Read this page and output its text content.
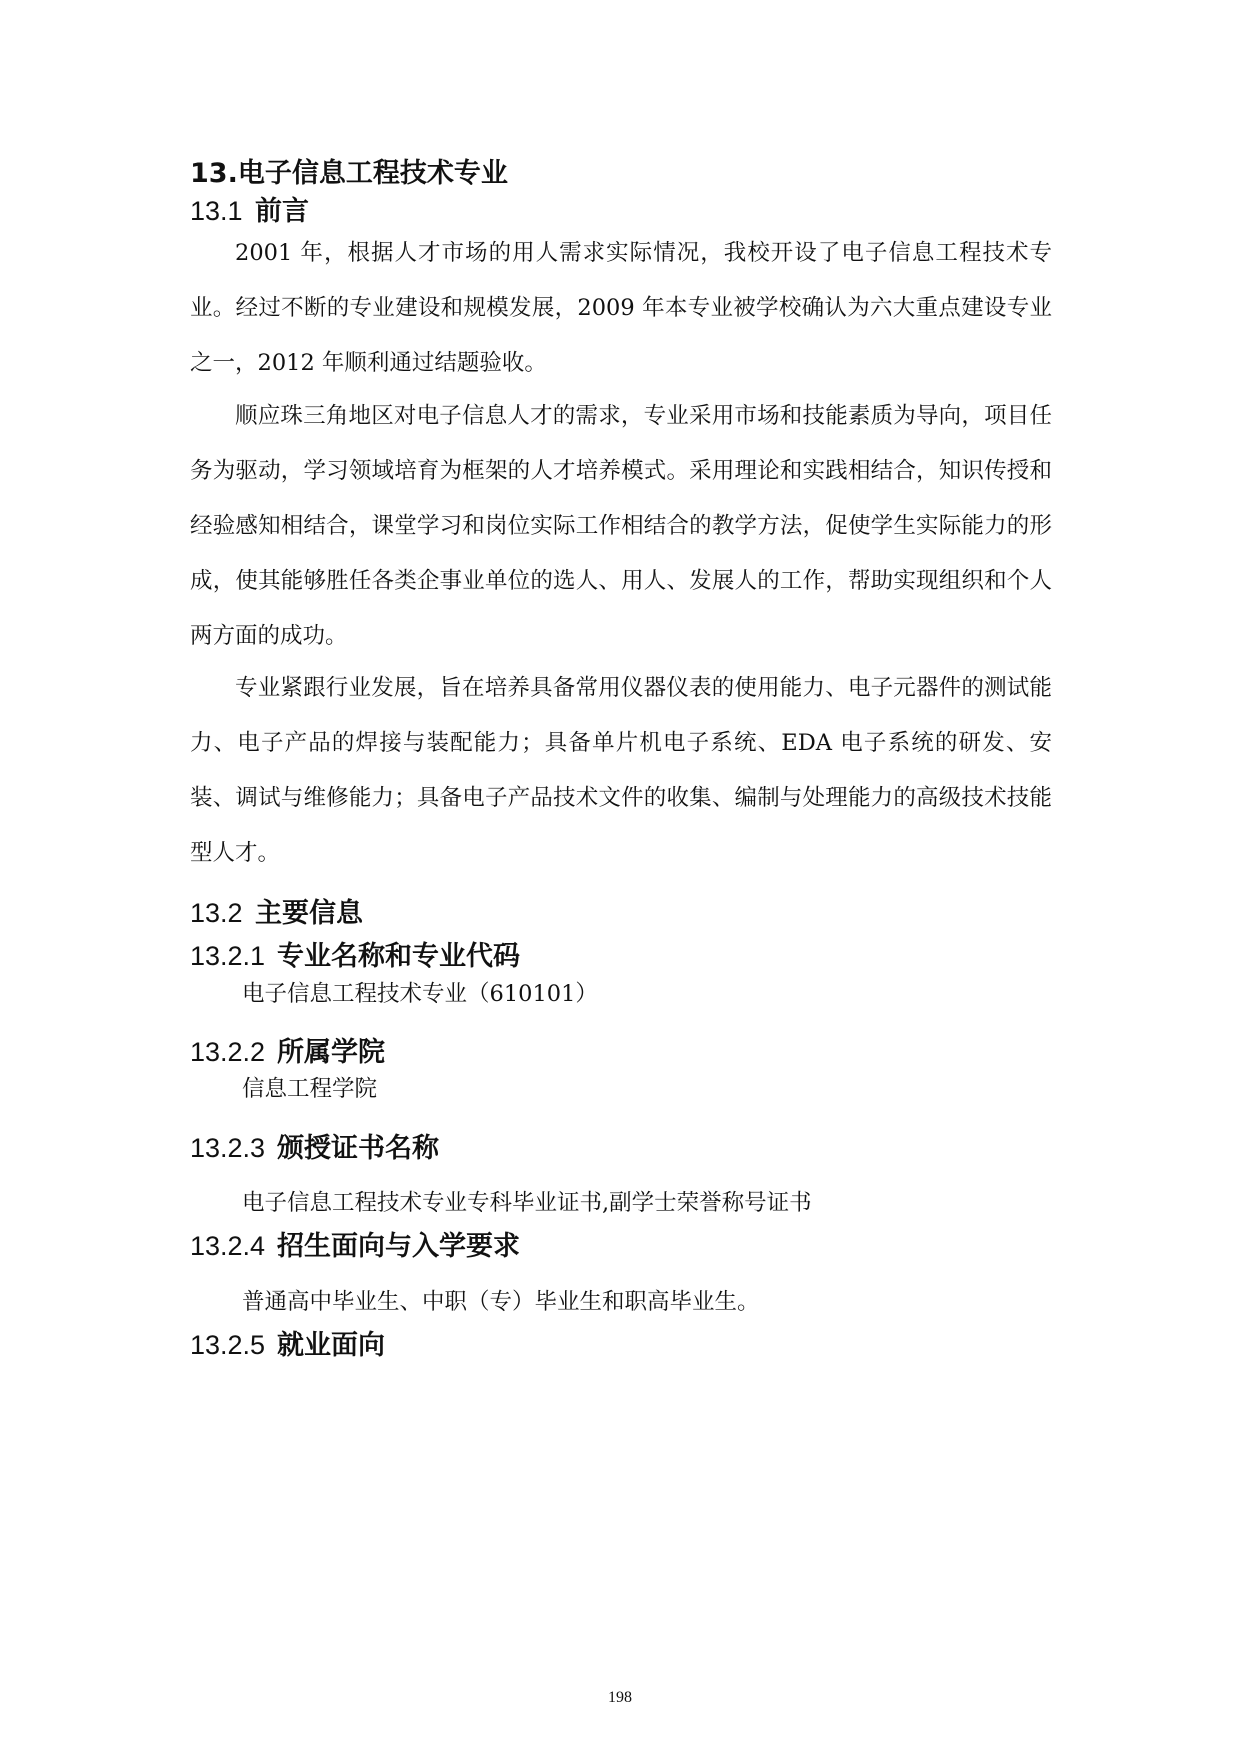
13.电子信息工程技术专业
13.1 前言

2001 年，根据人才市场的用人需求实际情况，我校开设了电子信息工程技术专业。经过不断的专业建设和规模发展，2009 年本专业被学校确认为六大重点建设专业之一，2012 年顺利通过结题验收。

顺应珠三角地区对电子信息人才的需求，专业采用市场和技能素质为导向，项目任务为驱动，学习领域培育为框架的人才培养模式。采用理论和实践相结合，知识传授和经验感知相结合，课堂学习和岗位实际工作相结合的教学方法，促使学生实际能力的形成，使其能够胜任各类企事业单位的选人、用人、发展人的工作，帮助实现组织和个人两方面的成功。

专业紧跟行业发展，旨在培养具备常用仪器仪表的使用能力、电子元器件的测试能力、电子产品的焊接与装配能力；具备单片机电子系统、EDA 电子系统的研发、安装、调试与维修能力；具备电子产品技术文件的收集、编制与处理能力的高级技术技能型人才。

13.2 主要信息
13.2.1 专业名称和专业代码

电子信息工程技术专业（610101）

13.2.2 所属学院

信息工程学院

13.2.3 颁授证书名称

电子信息工程技术专业专科毕业证书,副学士荣誉称号证书

13.2.4 招生面向与入学要求

普通高中毕业生、中职（专）毕业生和职高毕业生。

13.2.5 就业面向
198
